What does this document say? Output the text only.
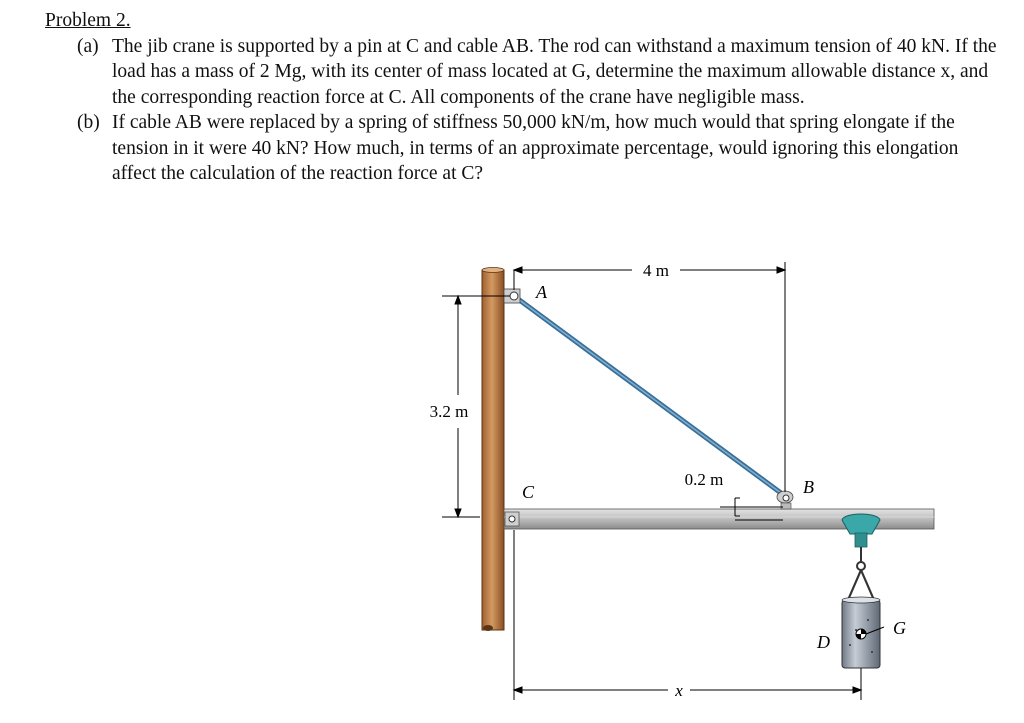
Problem 2.
(a) The jib crane is supported by a pin at C and cable AB. The rod can withstand a maximum tension of 40 kN. If the load has a mass of 2 Mg, with its center of mass located at G, determine the maximum allowable distance x, and the corresponding reaction force at C. All components of the crane have negligible mass.
(b) If cable AB were replaced by a spring of stiffness 50,000 kN/m, how much would that spring elongate if the tension in it were 40 kN? How much, in terms of an approximate percentage, would ignoring this elongation affect the calculation of the reaction force at C?
4 m
3.2 m
0.2 m
x
A
B
C
D
G
